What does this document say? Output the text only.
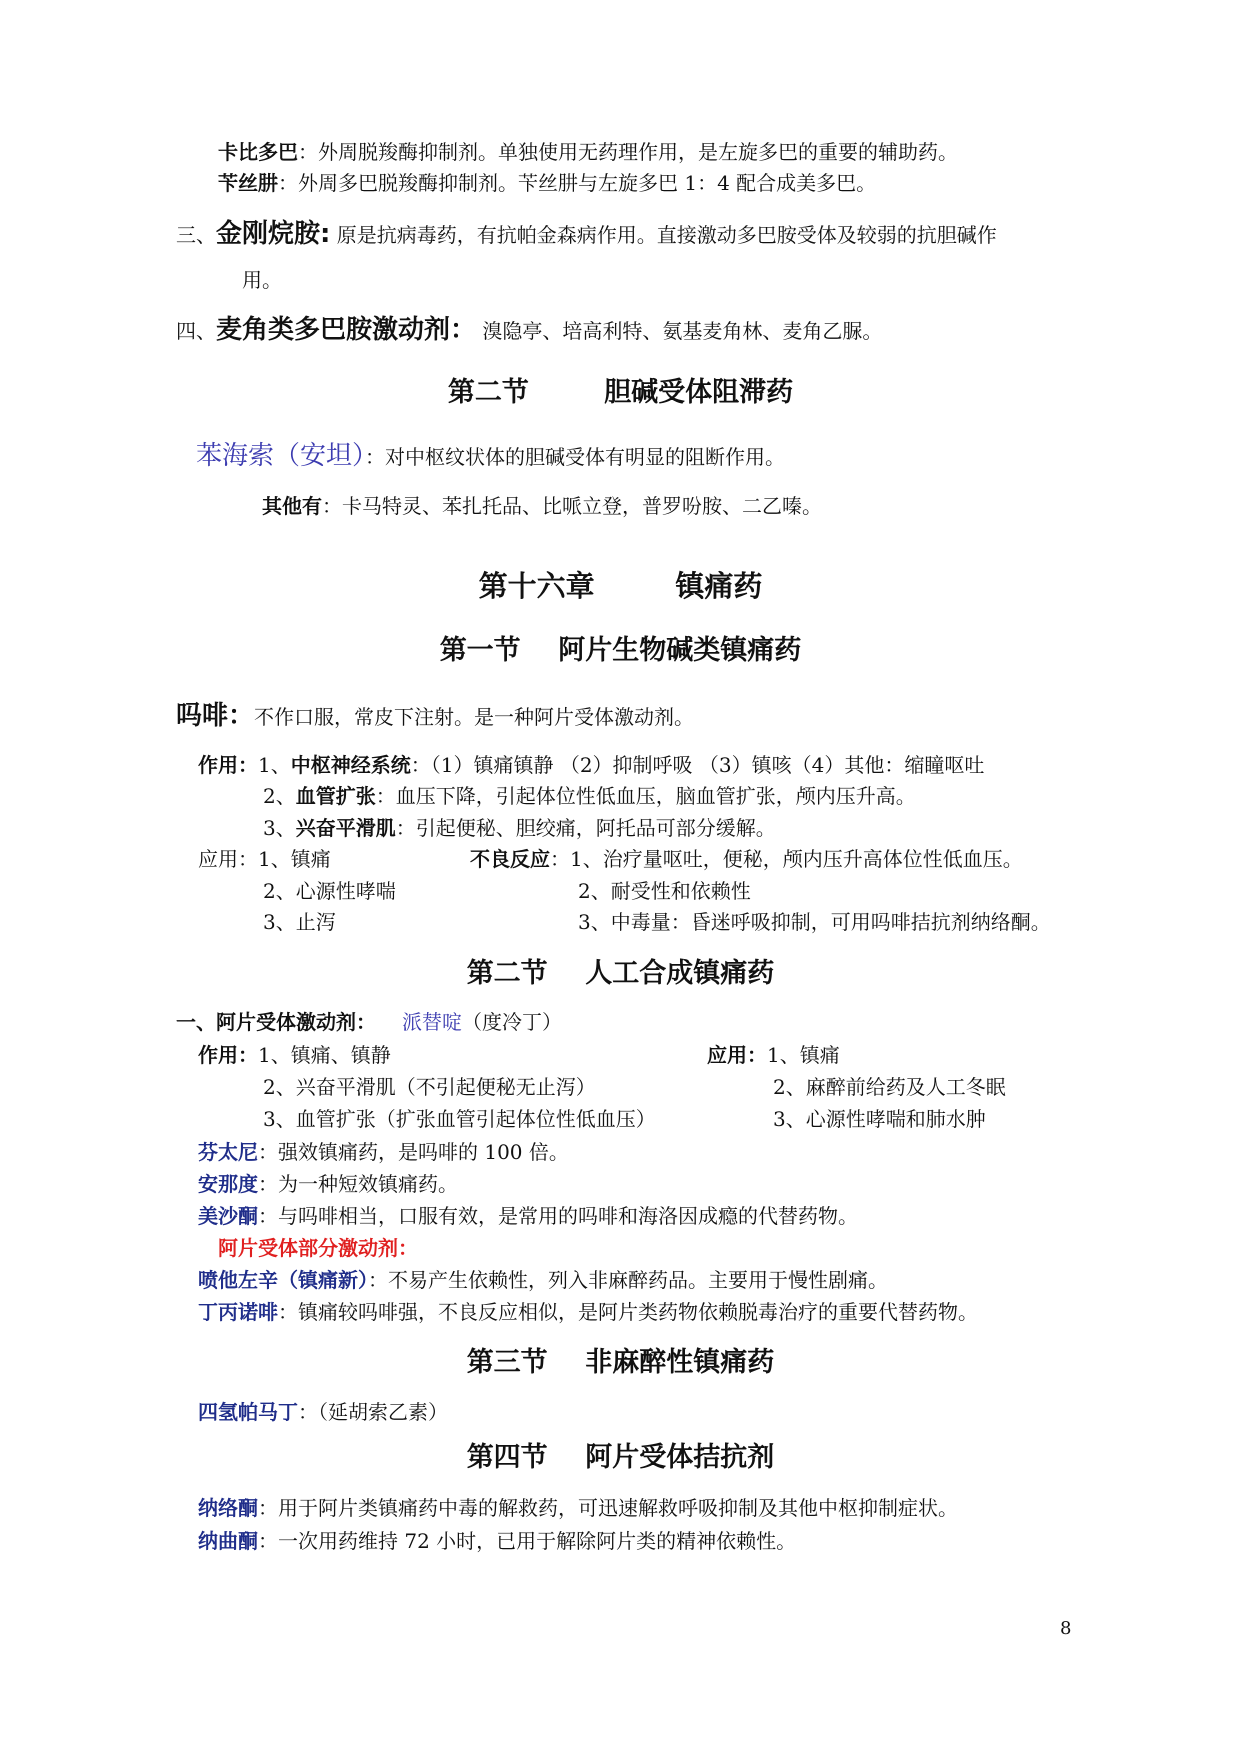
卡比多巴：外周脱羧酶抑制剂。单独使用无药理作用，是左旋多巴的重要的辅助药。
苄丝肼：外周多巴脱羧酶抑制剂。苄丝肼与左旋多巴 1：4 配合成美多巴。
三、金刚烷胺: 原是抗病毒药，有抗帕金森病作用。直接激动多巴胺受体及较弱的抗胆碱作
用。
四、麦角类多巴胺激动剂： 溴隐亭、培高利特、氨基麦角林、麦角乙脲。
第二节        胆碱受体阻滞药
苯海索（安坦）：对中枢纹状体的胆碱受体有明显的阻断作用。
其他有：卡马特灵、苯扎托品、比哌立登，普罗吩胺、二乙嗪。
第十六章        镇痛药
第一节    阿片生物碱类镇痛药
吗啡：不作口服，常皮下注射。是一种阿片受体激动剂。
作用：1、中枢神经系统：（1）镇痛镇静 （2）抑制呼吸 （3）镇咳（4）其他：缩瞳呕吐
2、血管扩张：血压下降，引起体位性低血压，脑血管扩张，颅内压升高。
3、兴奋平滑肌：引起便秘、胆绞痛，阿托品可部分缓解。
应用：1、镇痛
2、心源性哮喘
3、止泻
不良反应：1、治疗量呕吐，便秘，颅内压升高体位性低血压。
2、耐受性和依赖性
3、中毒量：昏迷呼吸抑制，可用吗啡拮抗剂纳络酮。
第二节    人工合成镇痛药
一、阿片受体激动剂： 派替啶（度冷丁）
作用：1、镇痛、镇静
2、兴奋平滑肌（不引起便秘无止泻）
3、血管扩张（扩张血管引起体位性低血压）
应用：1、镇痛
2、麻醉前给药及人工冬眠
3、心源性哮喘和肺水肿
芬太尼：强效镇痛药，是吗啡的 100 倍。
安那度：为一种短效镇痛药。
美沙酮：与吗啡相当，口服有效，是常用的吗啡和海洛因成瘾的代替药物。
阿片受体部分激动剂：
喷他左辛（镇痛新）：不易产生依赖性，列入非麻醉药品。主要用于慢性剧痛。
丁丙诺啡：镇痛较吗啡强，不良反应相似，是阿片类药物依赖脱毒治疗的重要代替药物。
第三节    非麻醉性镇痛药
四氢帕马丁：（延胡索乙素）
第四节    阿片受体拮抗剂
纳络酮：用于阿片类镇痛药中毒的解救药，可迅速解救呼吸抑制及其他中枢抑制症状。
纳曲酮：一次用药维持 72 小时，已用于解除阿片类的精神依赖性。
8
